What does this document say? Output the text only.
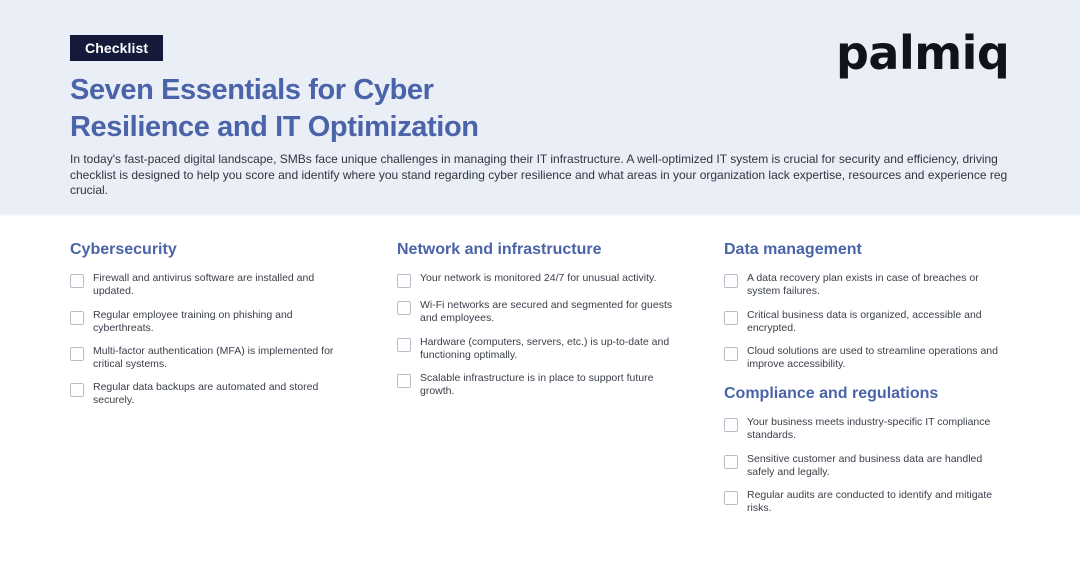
Checklist	palmiq
Seven Essentials for Cyber
Resilience and IT Optimization
In today's fast-paced digital landscape, SMBs face unique challenges in managing their IT infrastructure. A well-optimized IT system is crucial for security and efficiency, driving
checklist is designed to help you score and identify where you stand regarding cyber resilience and what areas in your organization lack expertise, resources and experience reg
crucial.
Cybersecurity
Firewall and antivirus software are installed and
updated.
Regular employee training on phishing and
cyberthreats.
Multi-factor authentication (MFA) is implemented for
critical systems.
Regular data backups are automated and stored
securely.
Network and infrastructure
Your network is monitored 24/7 for unusual activity.
Wi-Fi networks are secured and segmented for guests
and employees.
Hardware (computers, servers, etc.) is up-to-date and
functioning optimally.
Scalable infrastructure is in place to support future
growth.
Data management
A data recovery plan exists in case of breaches or
system failures.
Critical business data is organized, accessible and
encrypted.
Cloud solutions are used to streamline operations and
improve accessibility.
Compliance and regulations
Your business meets industry-specific IT compliance
standards.
Sensitive customer and business data are handled
safely and legally.
Regular audits are conducted to identify and mitigate
risks.
